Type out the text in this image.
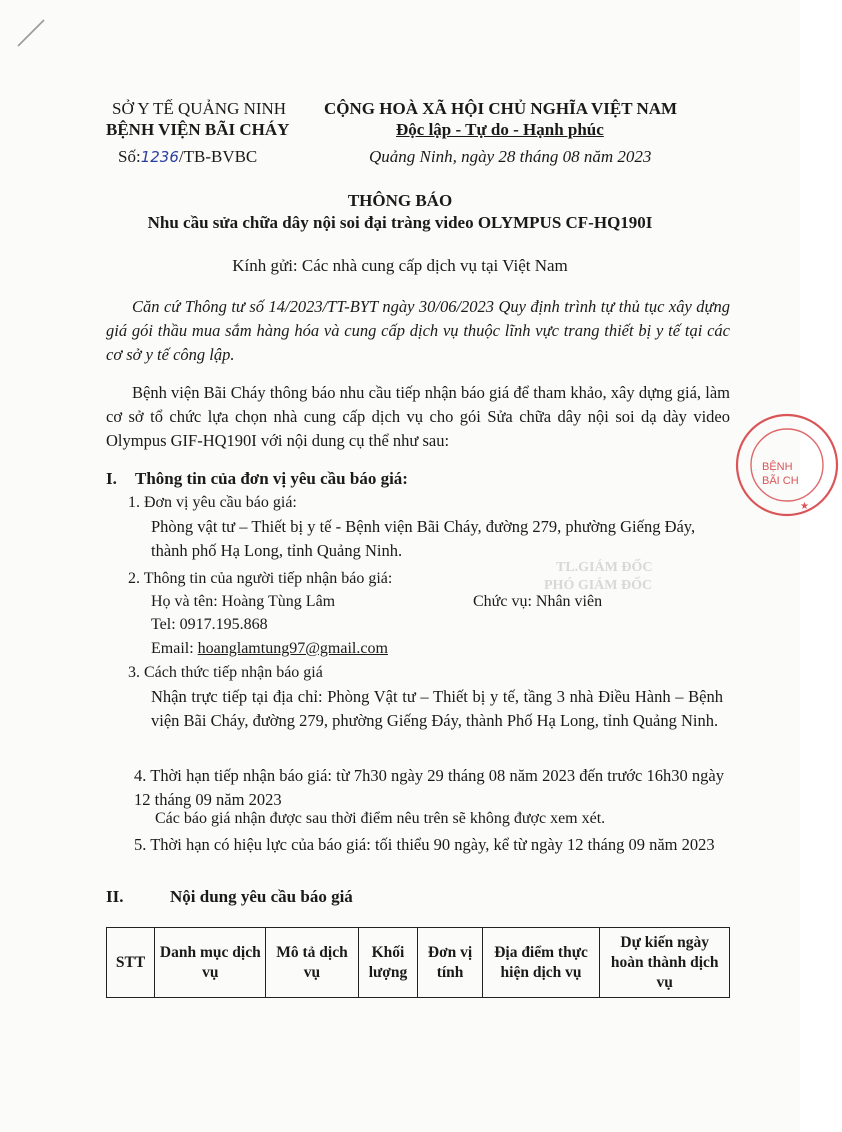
TL.GIÁM ĐỐC
PHÓ GIÁM ĐỐC
SỞ Y TẾ QUẢNG NINH
BỆNH VIỆN BÃI CHÁY
Số:1236/TB-BVBC
CỘNG HOÀ XÃ HỘI CHỦ NGHĨA VIỆT NAM
Độc lập - Tự do - Hạnh phúc
Quảng Ninh, ngày 28 tháng 08 năm 2023
THÔNG BÁO
Nhu cầu sửa chữa dây nội soi đại tràng video OLYMPUS CF-HQ190I
Kính gửi: Các nhà cung cấp dịch vụ tại Việt Nam
Căn cứ Thông tư số 14/2023/TT-BYT ngày 30/06/2023 Quy định trình tự thủ tục xây dựng giá gói thầu mua sắm hàng hóa và cung cấp dịch vụ thuộc lĩnh vực trang thiết bị y tế tại các cơ sở y tế công lập.
Bệnh viện Bãi Cháy thông báo nhu cầu tiếp nhận báo giá để tham khảo, xây dựng giá, làm cơ sở tổ chức lựa chọn nhà cung cấp dịch vụ cho gói Sửa chữa dây nội soi dạ dày video Olympus GIF-HQ190I với nội dung cụ thể như sau:
I. Thông tin của đơn vị yêu cầu báo giá:
1. Đơn vị yêu cầu báo giá:
Phòng vật tư – Thiết bị y tế - Bệnh viện Bãi Cháy, đường 279, phường Giếng Đáy, thành phố Hạ Long, tỉnh Quảng Ninh.
2. Thông tin của người tiếp nhận báo giá:
Họ và tên: Hoàng Tùng Lâm	Chức vụ: Nhân viên
Tel: 0917.195.868
Email: hoanglamtung97@gmail.com
3. Cách thức tiếp nhận báo giá
Nhận trực tiếp tại địa chỉ: Phòng Vật tư – Thiết bị y tế, tầng 3 nhà Điều Hành – Bệnh viện Bãi Cháy, đường 279, phường Giếng Đáy, thành Phố Hạ Long, tỉnh Quảng Ninh.
4. Thời hạn tiếp nhận báo giá: từ 7h30 ngày 29 tháng 08 năm 2023 đến trước 16h30 ngày 12 tháng 09 năm 2023
Các báo giá nhận được sau thời điểm nêu trên sẽ không được xem xét.
5. Thời hạn có hiệu lực của báo giá: tối thiểu 90 ngày, kể từ ngày 12 tháng 09 năm 2023
II.	Nội dung yêu cầu báo giá
STT	Danh mục dịch vụ	Mô tả dịch vụ	Khối lượng	Đơn vị tính	Địa điểm thực hiện dịch vụ	Dự kiến ngày hoàn thành dịch vụ
BỆNH
BÃI CH
★
